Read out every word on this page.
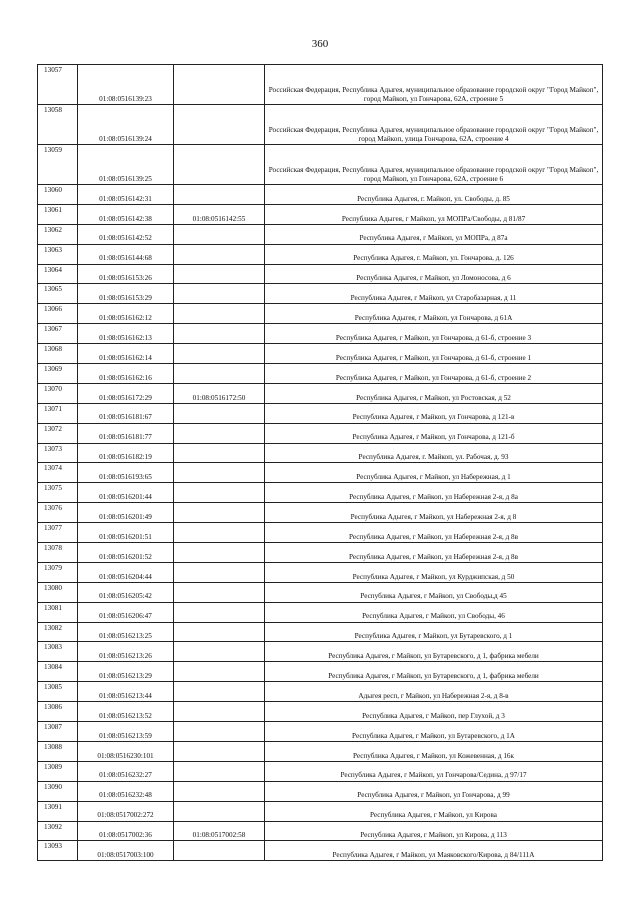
360
13057	01:08:0516139:23		Российская Федерация, Республика Адыгея, муниципальное образование городской округ "Город Майкоп", город Майкоп, ул Гончарова, 62А, строение 5
13058	01:08:0516139:24		Российская Федерация, Республика Адыгея, муниципальное образование городской округ "Город Майкоп", город Майкоп, улица Гончарова, 62А, строение 4
13059	01:08:0516139:25		Российская Федерация, Республика Адыгея, муниципальное образование городской округ "Город Майкоп", город Майкоп, ул Гончарова, 62А, строение 6
13060	01:08:0516142:31		Республика Адыгея, г. Майкоп, ул. Свободы, д. 85
13061	01:08:0516142:38	01:08:0516142:55	Республика Адыгея, г Майкоп, ул МОПРа/Свободы, д 81/87
13062	01:08:0516142:52		Республика Адыгея, г Майкоп, ул МОПРа, д 87а
13063	01:08:0516144:68		Республика Адыгея, г. Майкоп, ул. Гончарова, д. 126
13064	01:08:0516153:26		Республика Адыгея, г Майкоп, ул Ломоносова, д 6
13065	01:08:0516153:29		Республика Адыгея, г Майкоп, ул Старобазарная, д 11
13066	01:08:0516162:12		Республика Адыгея, г Майкоп, ул Гончарова, д 61А
13067	01:08:0516162:13		Республика Адыгея, г Майкоп, ул Гончарова, д 61-б, строение 3
13068	01:08:0516162:14		Республика Адыгея, г Майкоп, ул Гончарова, д 61-б, строение 1
13069	01:08:0516162:16		Республика Адыгея, г Майкоп, ул Гончарова, д 61-б, строение 2
13070	01:08:0516172:29	01:08:0516172:50	Республика Адыгея, г Майкоп, ул Ростовская, д 52
13071	01:08:0516181:67		Республика Адыгея, г Майкоп, ул Гончарова, д 121-в
13072	01:08:0516181:77		Республика Адыгея, г Майкоп, ул Гончарова, д 121-б
13073	01:08:0516182:19		Республика Адыгея, г. Майкоп, ул. Рабочая, д. 93
13074	01:08:0516193:65		Республика Адыгея, г Майкоп, ул Набережная, д 1
13075	01:08:0516201:44		Республика Адыгея, г Майкоп, ул Набережная 2-я, д 8а
13076	01:08:0516201:49		Республика Адыгея, г Майкоп, ул Набережная 2-я, д 8
13077	01:08:0516201:51		Республика Адыгея, г Майкоп, ул Набережная 2-я, д 8в
13078	01:08:0516201:52		Республика Адыгея, г Майкоп, ул Набережная 2-я, д 8в
13079	01:08:0516204:44		Республика Адыгея, г Майкоп, ул Курджипская, д 50
13080	01:08:0516205:42		Республика Адыгея, г Майкоп, ул Свободы,д 45
13081	01:08:0516206:47		Республика Адыгея, г Майкоп, ул Свободы, 46
13082	01:08:0516213:25		Республика Адыгея, г Майкоп, ул Бутаревского, д 1
13083	01:08:0516213:26		Республика Адыгея, г Майкоп, ул Бутаревского, д 1, фабрика мебели
13084	01:08:0516213:29		Республика Адыгея, г Майкоп, ул Бутаревского, д 1, фабрика мебели
13085	01:08:0516213:44		Адыгея респ, г Майкоп, ул Набережная 2-я, д 8-в
13086	01:08:0516213:52		Республика Адыгея, г Майкоп, пер Глухой, д 3
13087	01:08:0516213:59		Республика Адыгея, г Майкоп, ул Бутаревского, д 1А
13088	01:08:0516230:101		Республика Адыгея, г Майкоп, ул Кожевенная, д 16к
13089	01:08:0516232:27		Республика Адыгея, г Майкоп, ул Гончарова/Седина, д 97/17
13090	01:08:0516232:48		Республика Адыгея, г Майкоп, ул Гончарова, д 99
13091	01:08:0517002:272		Республика Адыгея, г Майкоп, ул Кирова
13092	01:08:0517002:36	01:08:0517002:58	Республика Адыгея, г Майкоп, ул Кирова, д 113
13093	01:08:0517003:100		Республика Адыгея, г Майкоп, ул Маяковского/Кирова, д 84/111А
